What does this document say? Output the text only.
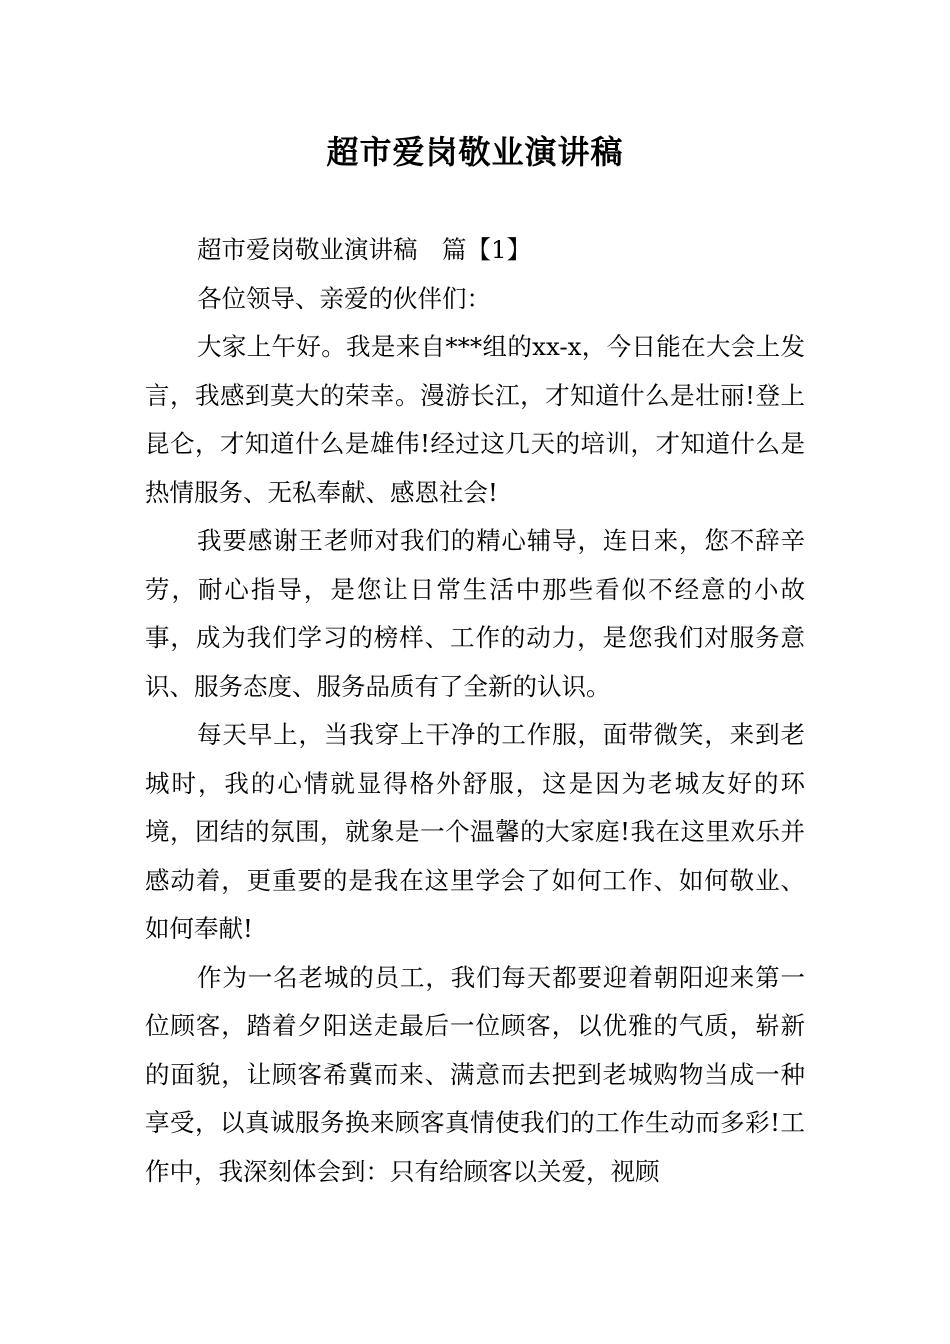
超市爱岗敬业演讲稿

超市爱岗敬业演讲稿　篇【1】

各位领导、亲爱的伙伴们：

大家上午好。我是来自***组的xx-x，今日能在大会上发言，我感到莫大的荣幸。漫游长江，才知道什么是壮丽!登上昆仑，才知道什么是雄伟!经过这几天的培训，才知道什么是热情服务、无私奉献、感恩社会!

我要感谢王老师对我们的精心辅导，连日来，您不辞辛劳，耐心指导，是您让日常生活中那些看似不经意的小故事，成为我们学习的榜样、工作的动力，是您我们对服务意识、服务态度、服务品质有了全新的认识。

每天早上，当我穿上干净的工作服，面带微笑，来到老城时，我的心情就显得格外舒服，这是因为老城友好的环境，团结的氛围，就象是一个温馨的大家庭!我在这里欢乐并感动着，更重要的是我在这里学会了如何工作、如何敬业、如何奉献!

作为一名老城的员工，我们每天都要迎着朝阳迎来第一位顾客，踏着夕阳送走最后一位顾客，以优雅的气质，崭新的面貌，让顾客希冀而来、满意而去把到老城购物当成一种享受，以真诚服务换来顾客真情使我们的工作生动而多彩!工作中，我深刻体会到：只有给顾客以关爱，视顾
